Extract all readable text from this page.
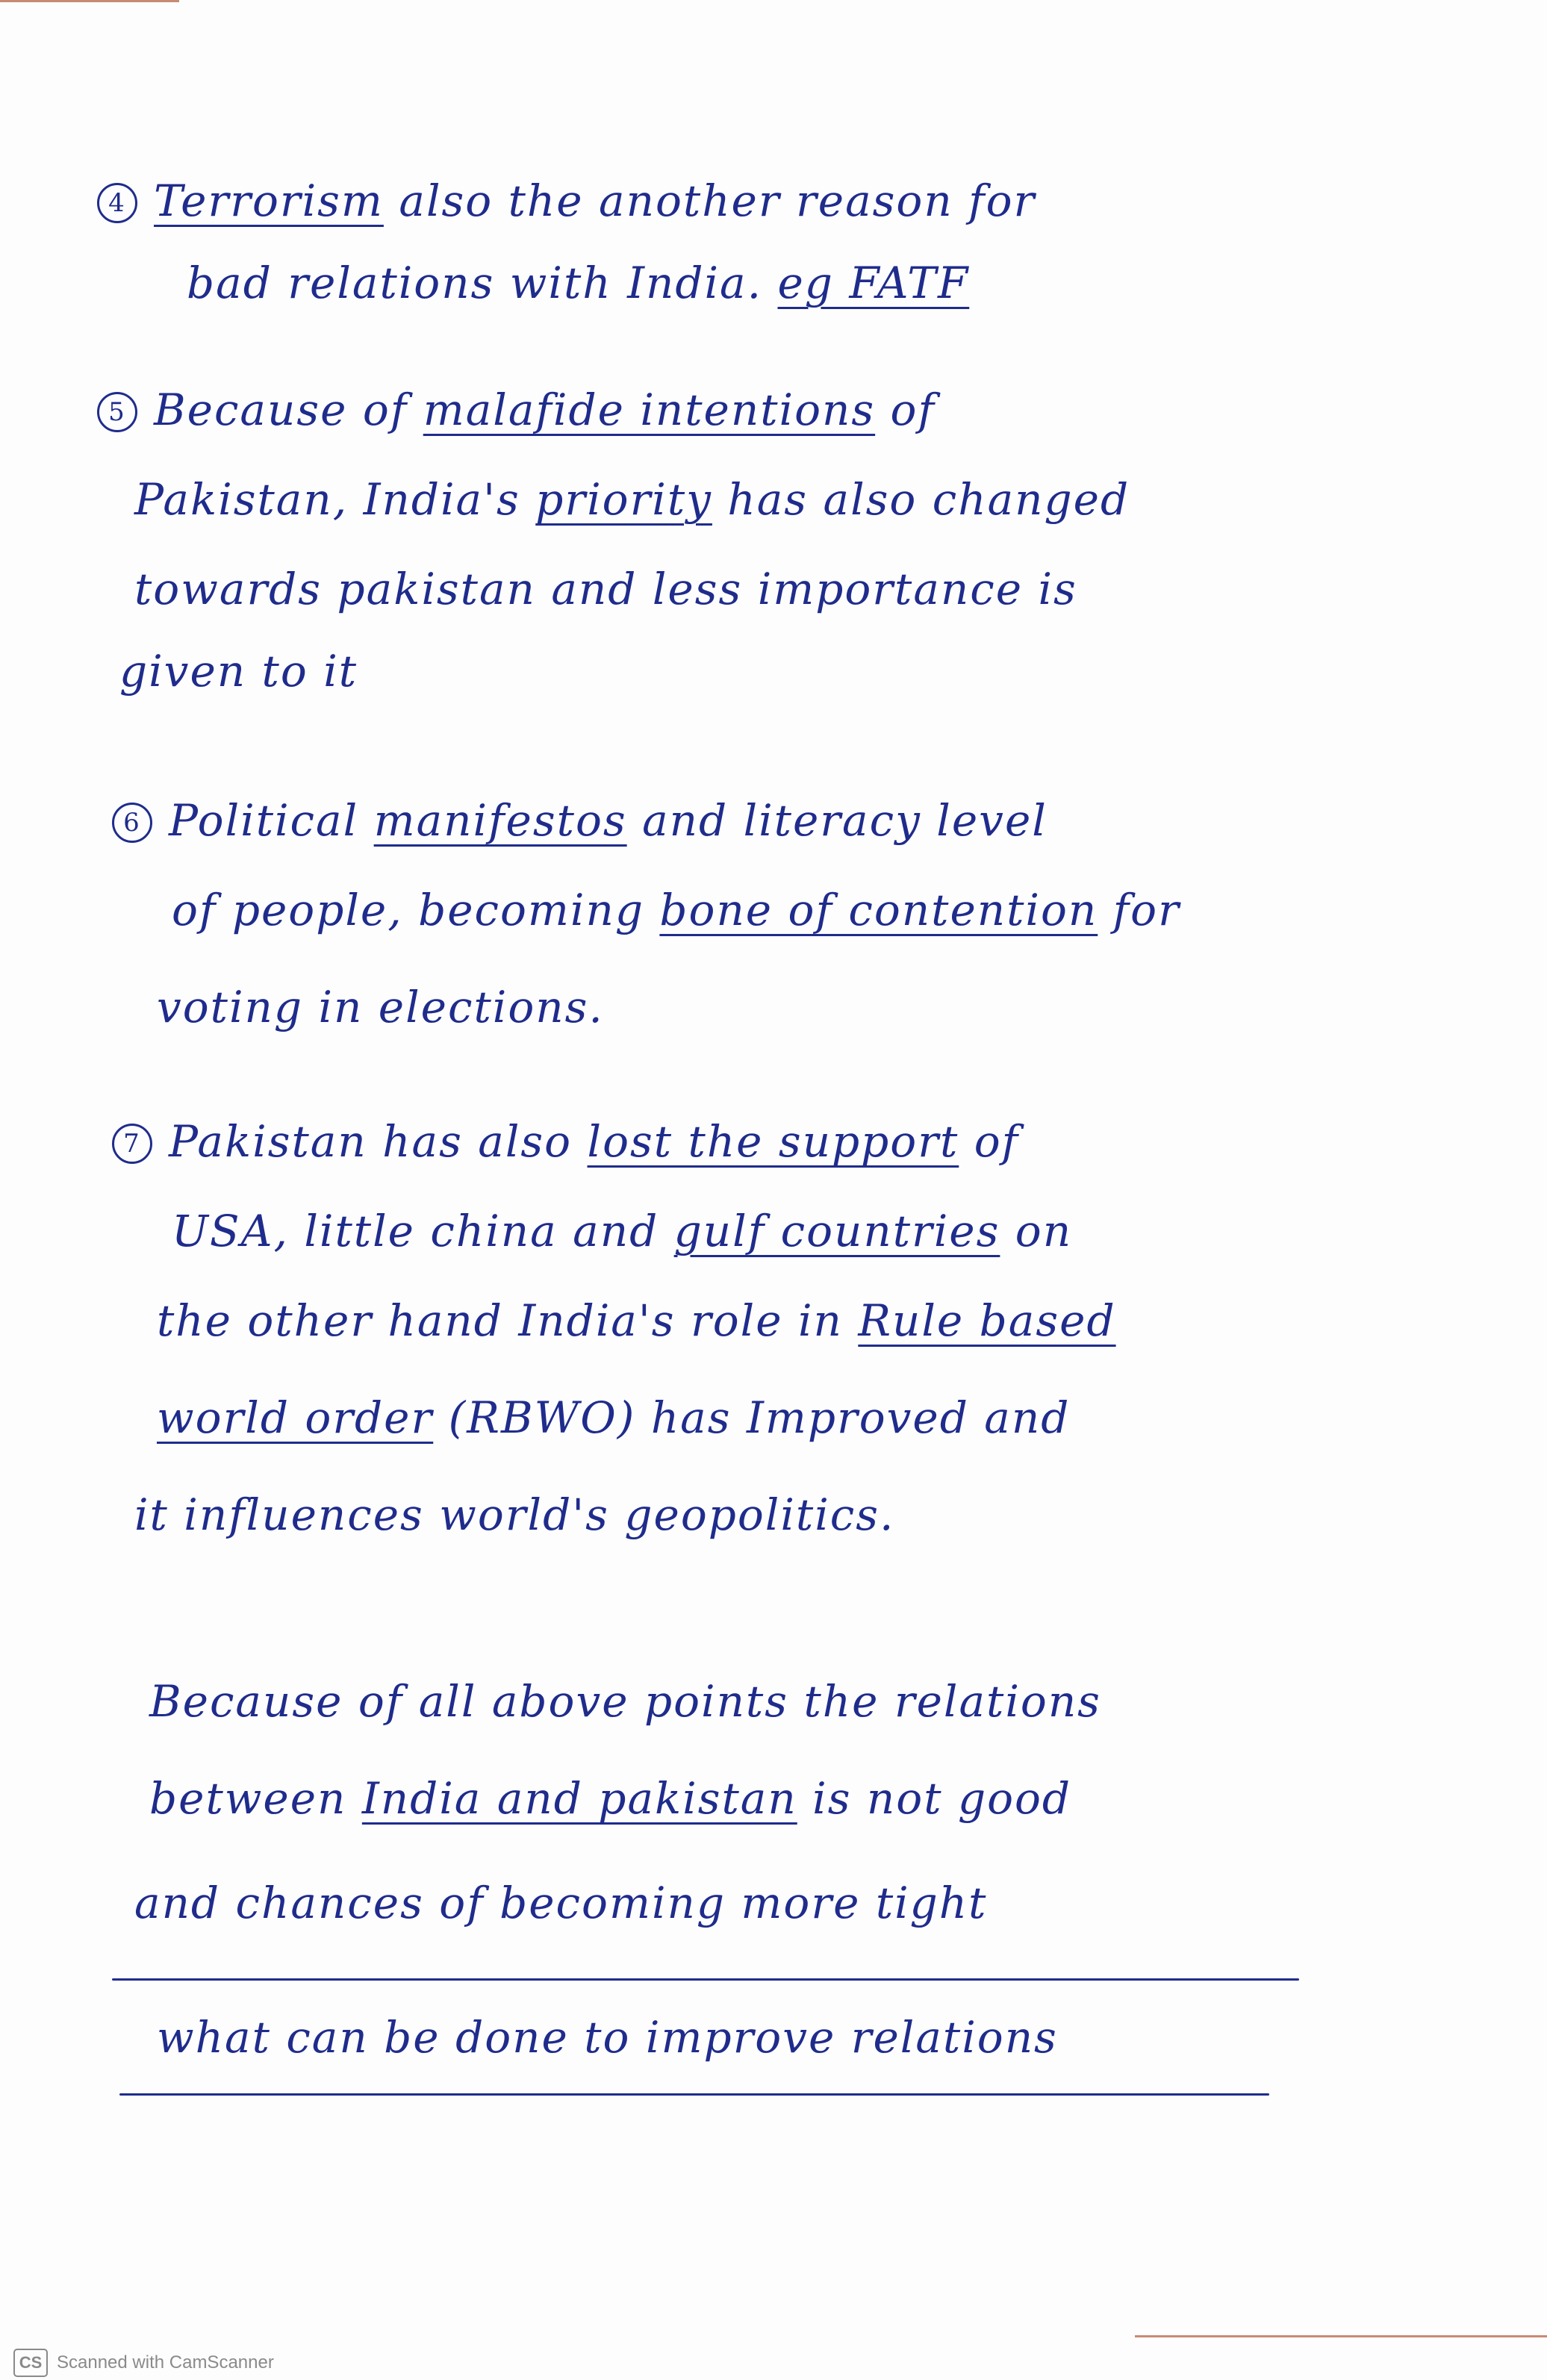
4 Terrorism also the another reason for
bad relations with India. eg FATF
5 Because of malafide intentions of
Pakistan, India's priority has also changed
towards pakistan and less importance is
given to it
6 Political manifestos and literacy level
of people, becoming bone of contention for
voting in elections.
7 Pakistan has also lost the support of
USA, little china and gulf countries on
the other hand India's role in Rule based
world order (RBWO) has Improved and
it influences world's geopolitics.
Because of all above points the relations
between India and pakistan is not good
and chances of becoming more tight
what can be done to improve relations
CS Scanned with CamScanner
